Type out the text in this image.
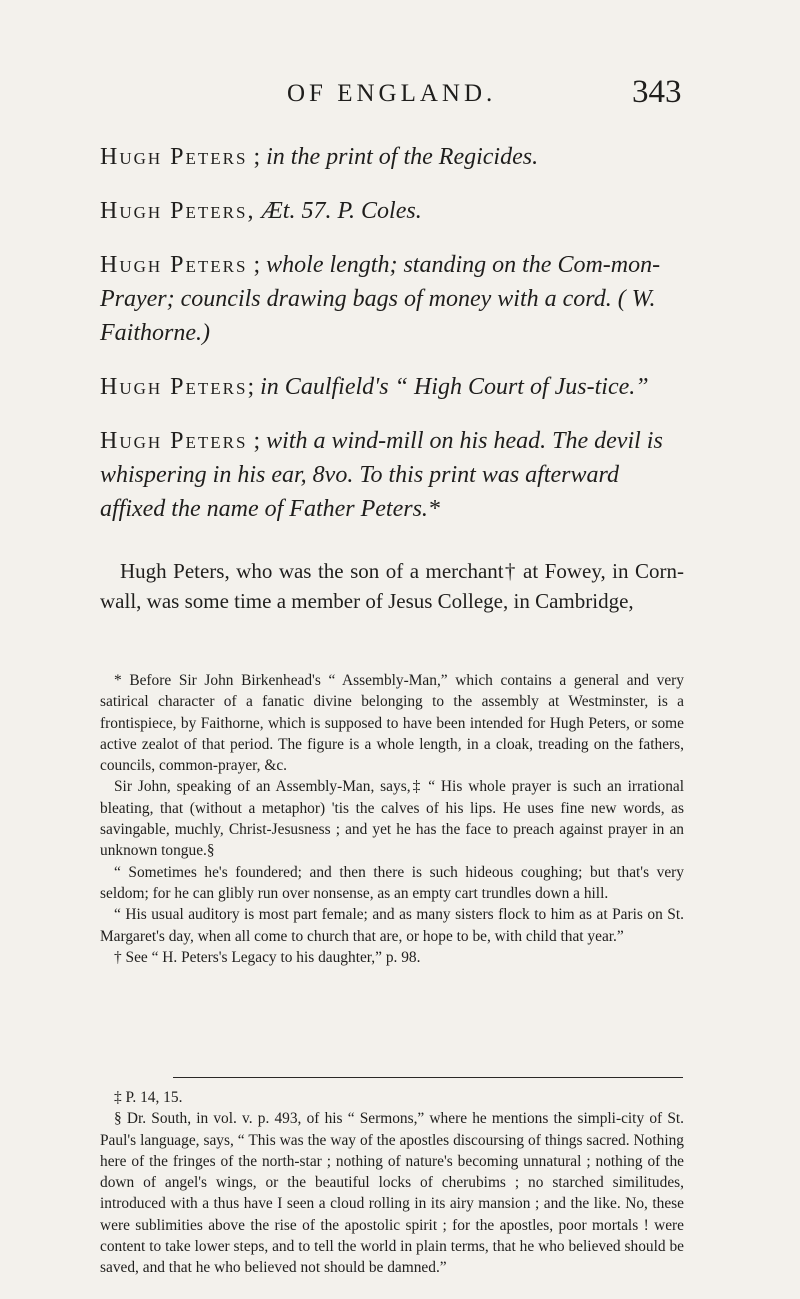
OF ENGLAND.	343

Hugh Peters ; in the print of the Regicides.

Hugh Peters, Æt. 57. P. Coles.

Hugh Peters ; whole length; standing on the Com-mon-Prayer; councils drawing bags of money with a cord. ( W. Faithorne.)

Hugh Peters; in Caulfield's “ High Court of Jus-tice.”

Hugh Peters ; with a wind-mill on his head. The devil is whispering in his ear, 8vo. To this print was afterward affixed the name of Father Peters.*

Hugh Peters, who was the son of a merchant† at Fowey, in Corn-wall, was some time a member of Jesus College, in Cambridge,

* Before Sir John Birkenhead's “ Assembly-Man,” which contains a general and very satirical character of a fanatic divine belonging to the assembly at Westminster, is a frontispiece, by Faithorne, which is supposed to have been intended for Hugh Peters, or some active zealot of that period. The figure is a whole length, in a cloak, treading on the fathers, councils, common-prayer, &c.

Sir John, speaking of an Assembly-Man, says,‡ “ His whole prayer is such an irrational bleating, that (without a metaphor) 'tis the calves of his lips. He uses fine new words, as savingable, muchly, Christ-Jesusness ; and yet he has the face to preach against prayer in an unknown tongue.§

“ Sometimes he's foundered; and then there is such hideous coughing; but that's very seldom; for he can glibly run over nonsense, as an empty cart trundles down a hill.

“ His usual auditory is most part female; and as many sisters flock to him as at Paris on St. Margaret's day, when all come to church that are, or hope to be, with child that year.”

† See “ H. Peters's Legacy to his daughter,” p. 98.

‡ P. 14, 15.

§ Dr. South, in vol. v. p. 493, of his “ Sermons,” where he mentions the simpli-city of St. Paul's language, says, “ This was the way of the apostles discoursing of things sacred. Nothing here of the fringes of the north-star ; nothing of nature's becoming unnatural ; nothing of the down of angel's wings, or the beautiful locks of cherubims ; no starched similitudes, introduced with a thus have I seen a cloud rolling in its airy mansion ; and the like. No, these were sublimities above the rise of the apostolic spirit ; for the apostles, poor mortals ! were content to take lower steps, and to tell the world in plain terms, that he who believed should be saved, and that he who believed not should be damned.”
